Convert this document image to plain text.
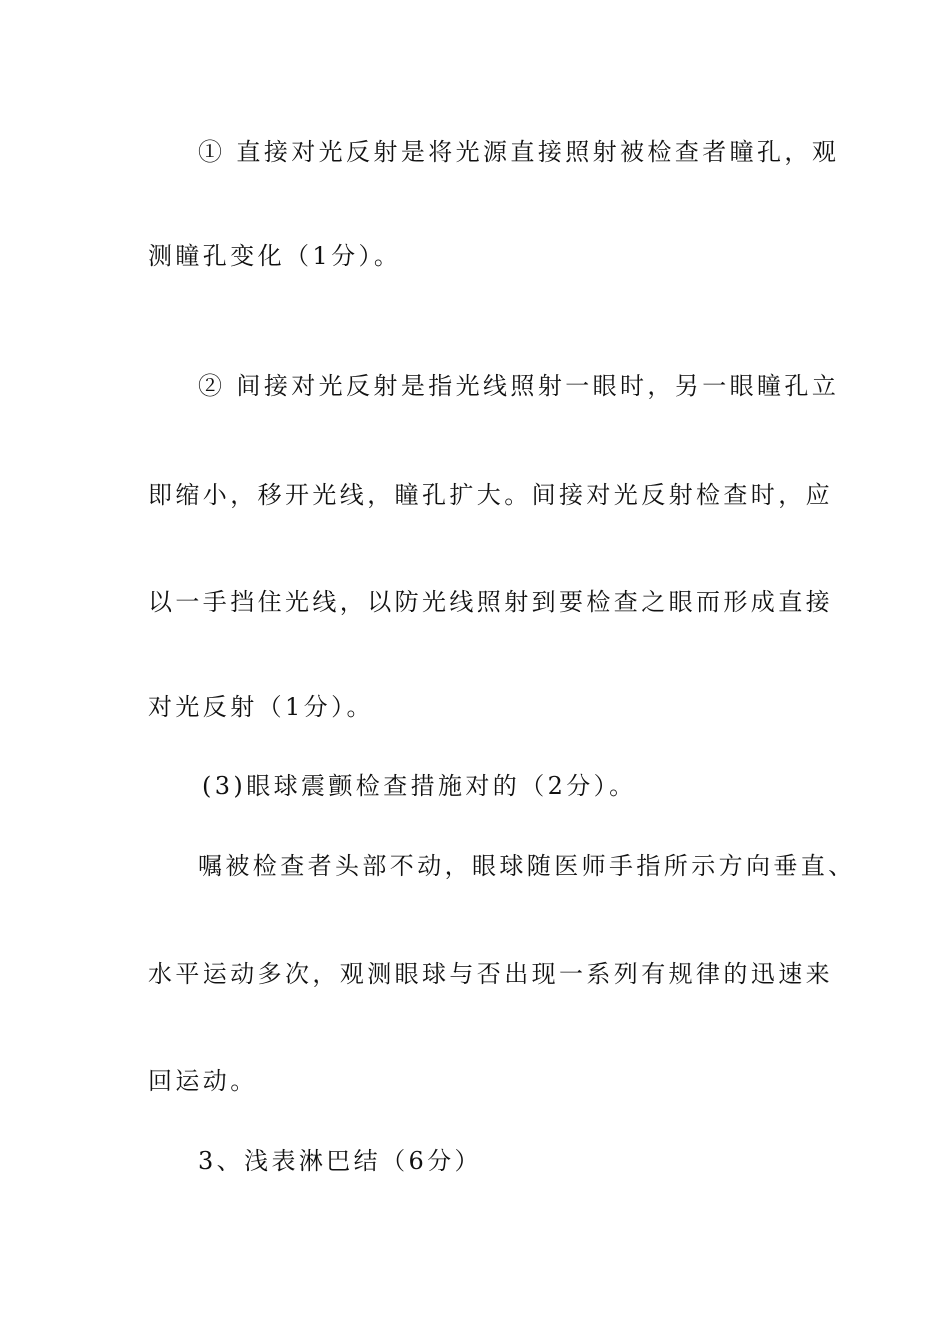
① 直接对光反射是将光源直接照射被检查者瞳孔，观
测瞳孔变化（1分）。
② 间接对光反射是指光线照射一眼时，另一眼瞳孔立
即缩小，移开光线，瞳孔扩大。间接对光反射检查时，应
以一手挡住光线，以防光线照射到要检查之眼而形成直接
对光反射（1分）。
(3)眼球震颤检查措施对的（2分）。
嘱被检查者头部不动，眼球随医师手指所示方向垂直、
水平运动多次，观测眼球与否出现一系列有规律的迅速来
回运动。
3、浅表淋巴结（6分）
